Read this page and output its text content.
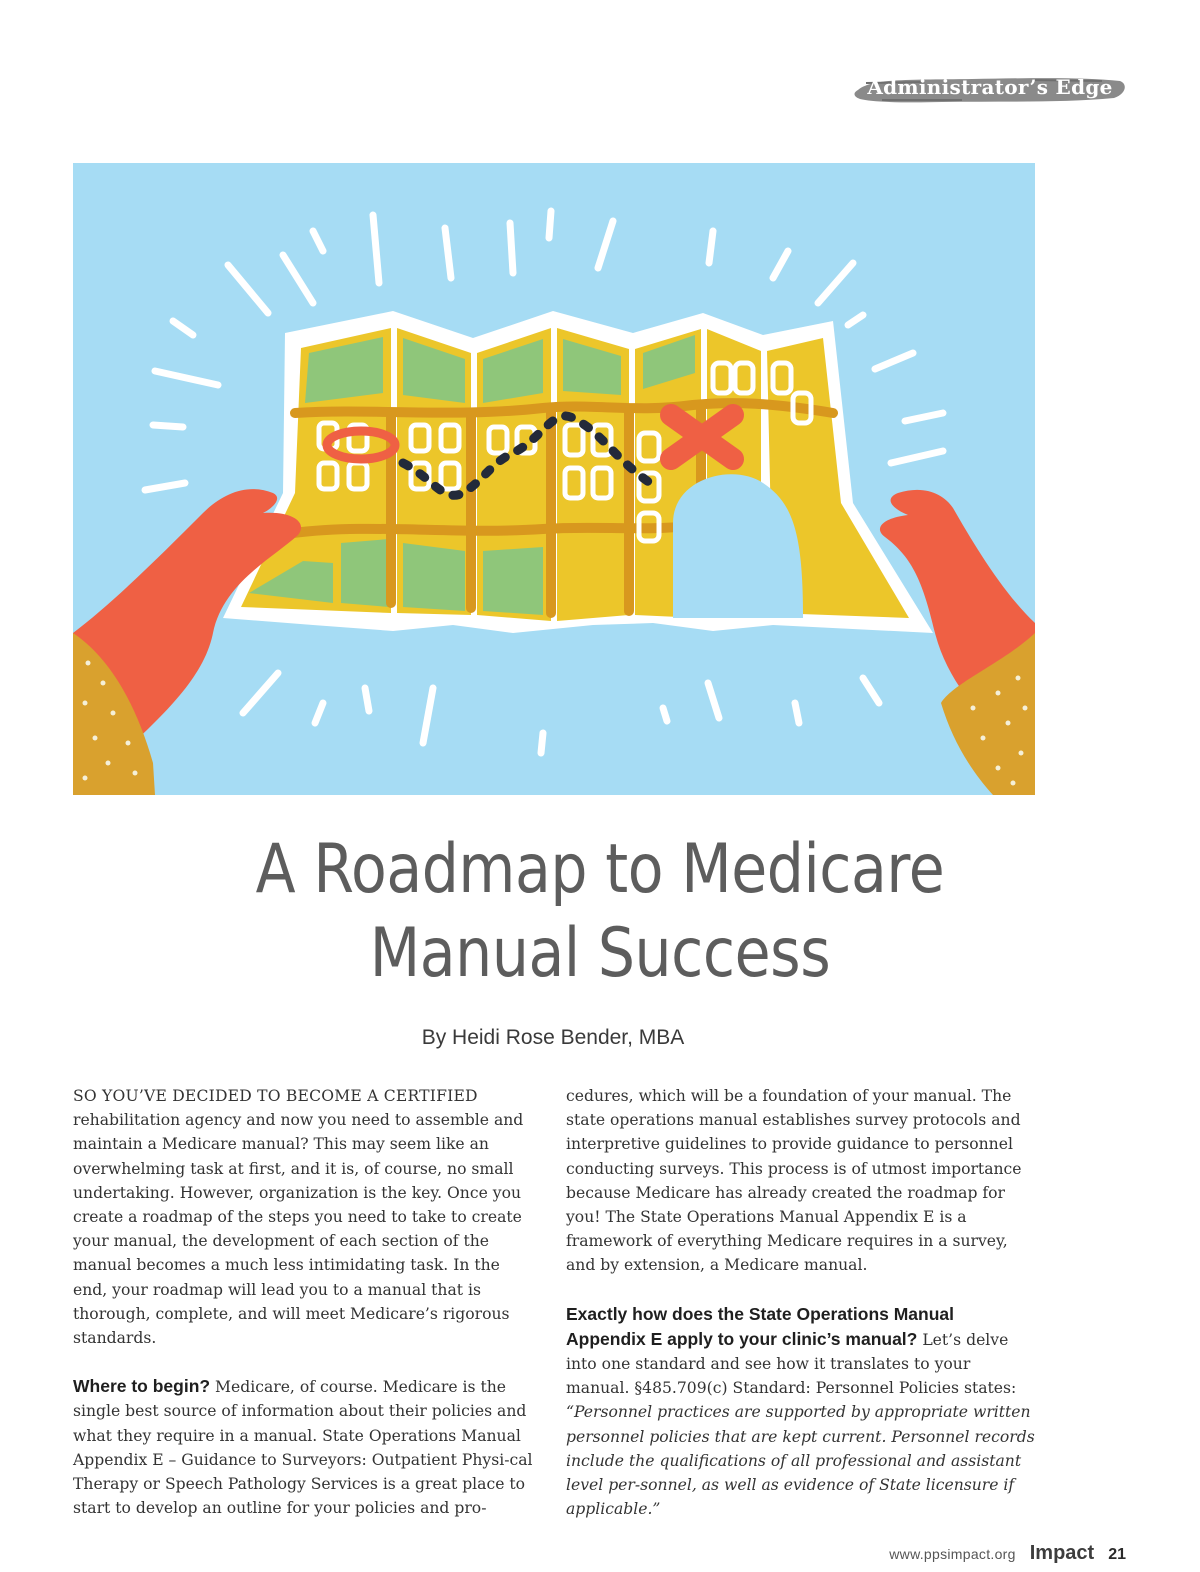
Administrator’s Edge
A Roadmap to Medicare
Manual Success
By Heidi Rose Bender, MBA

SO YOU’VE DECIDED TO BECOME A CERTIFIED rehabilitation agency and now you need to assemble and maintain a Medicare manual? This may seem like an overwhelming task at first, and it is, of course, no small undertaking. However, organization is the key. Once you create a roadmap of the steps you need to take to create your manual, the development of each section of the manual becomes a much less intimidating task. In the end, your roadmap will lead you to a manual that is thorough, complete, and will meet Medicare’s rigorous standards.

Where to begin? Medicare, of course. Medicare is the single best source of information about their policies and what they require in a manual. State Operations Manual Appendix E – Guidance to Surveyors: Outpatient Physi-cal Therapy or Speech Pathology Services is a great place to start to develop an outline for your policies and pro-

cedures, which will be a foundation of your manual. The state operations manual establishes survey protocols and interpretive guidelines to provide guidance to personnel conducting surveys. This process is of utmost importance because Medicare has already created the roadmap for you! The State Operations Manual Appendix E is a framework of everything Medicare requires in a survey, and by extension, a Medicare manual.

Exactly how does the State Operations Manual Appendix E apply to your clinic’s manual? Let’s delve into one standard and see how it translates to your manual. §485.709(c) Standard: Personnel Policies states: “Personnel practices are supported by appropriate written personnel policies that are kept current. Personnel records include the qualifications of all professional and assistant level per-sonnel, as well as evidence of State licensure if applicable.”

www.ppsimpact.org Impact 21
